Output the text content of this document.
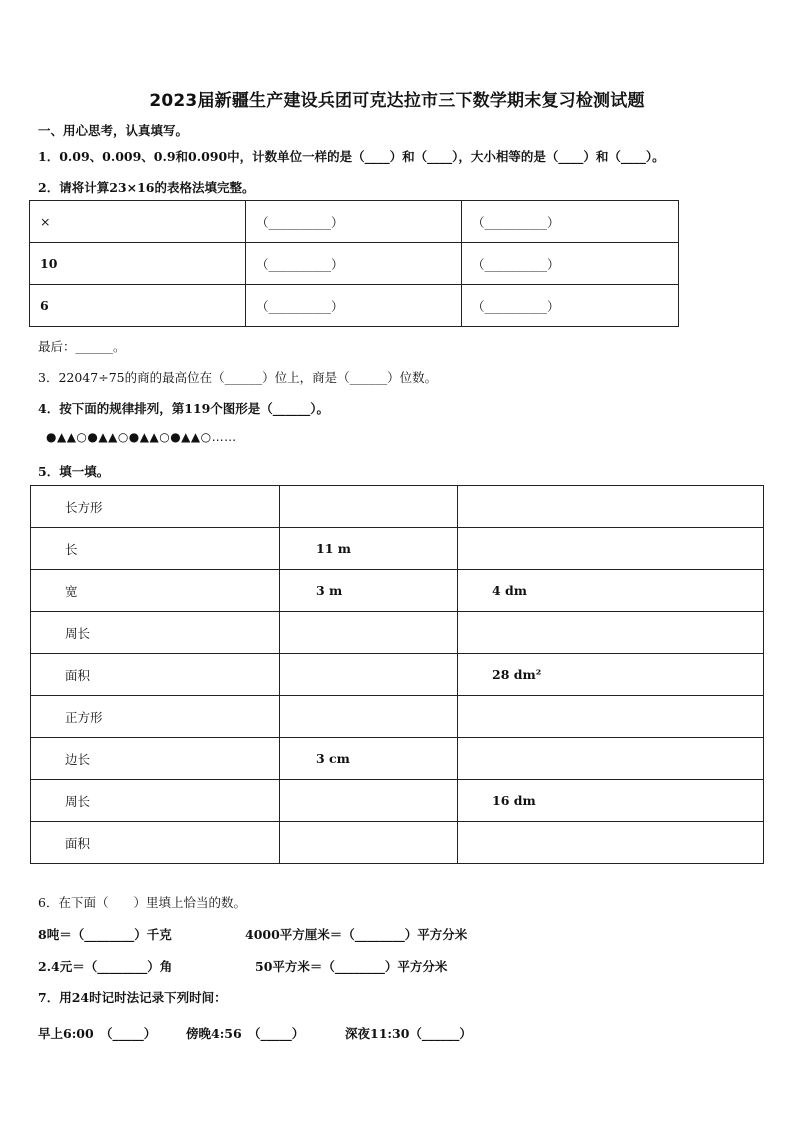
2023届新疆生产建设兵团可克达拉市三下数学期末复习检测试题
一、用心思考，认真填写。
1．0.09、0.009、0.9和0.090中，计数单位一样的是（____）和（____），大小相等的是（____）和（____）。
2．请将计算23×16的表格法填完整。
×	（__________）	（__________）
10	（__________）	（__________）
6	（__________）	（__________）
最后：______。
3．22047÷75的商的最高位在（______）位上，商是（______）位数。
4．按下面的规律排列，第119个图形是（______）。
●▲▲○●▲▲○●▲▲○●▲▲○……
5．填一填。
长方形		
长	11 m	
宽	3 m	4 dm
周长		
面积		28 dm²
正方形		
边长	3 cm	
周长		16 dm
面积		
6．在下面（　　）里填上恰当的数。
8吨＝（________）千克	4000平方厘米＝（________）平方分米
2.4元＝（________）角	50平方米＝（________）平方分米
7．用24时记时法记录下列时间：
早上6:00　（_____） 傍晚4:56　（_____）	深夜11:30（______）
